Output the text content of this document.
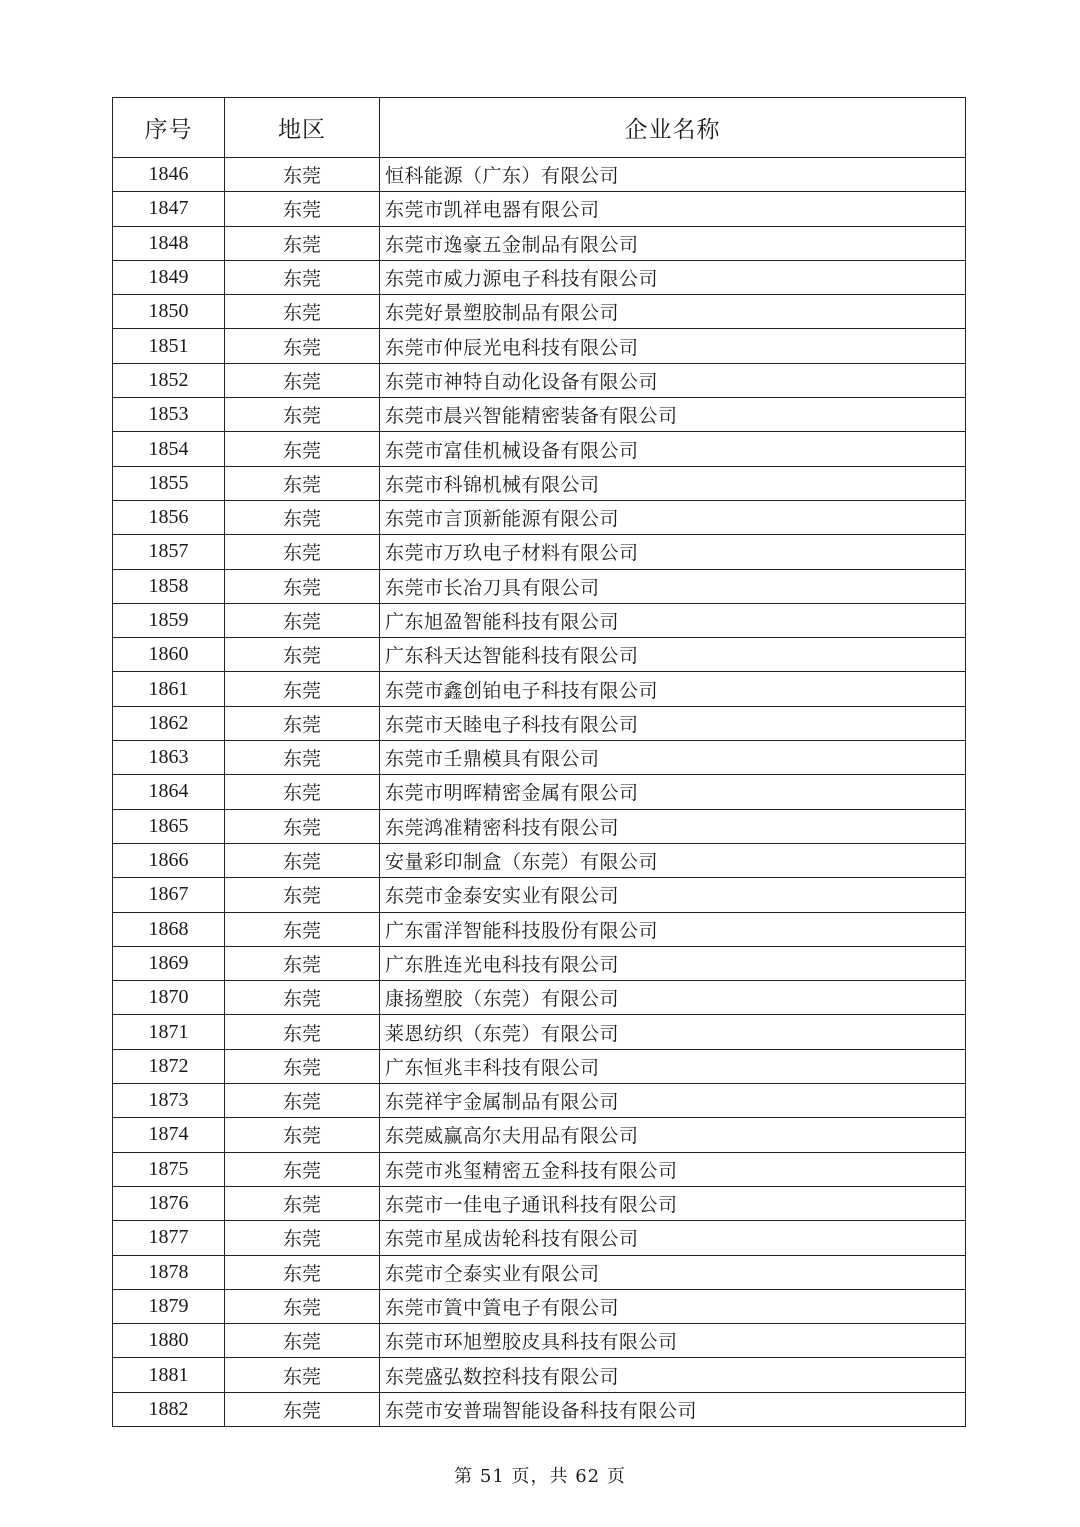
序号	地区	企业名称
1846	东莞	恒科能源（广东）有限公司
1847	东莞	东莞市凯祥电器有限公司
1848	东莞	东莞市逸豪五金制品有限公司
1849	东莞	东莞市威力源电子科技有限公司
1850	东莞	东莞好景塑胶制品有限公司
1851	东莞	东莞市仲辰光电科技有限公司
1852	东莞	东莞市神特自动化设备有限公司
1853	东莞	东莞市晨兴智能精密装备有限公司
1854	东莞	东莞市富佳机械设备有限公司
1855	东莞	东莞市科锦机械有限公司
1856	东莞	东莞市言顶新能源有限公司
1857	东莞	东莞市万玖电子材料有限公司
1858	东莞	东莞市长冶刀具有限公司
1859	东莞	广东旭盈智能科技有限公司
1860	东莞	广东科天达智能科技有限公司
1861	东莞	东莞市鑫创铂电子科技有限公司
1862	东莞	东莞市天睦电子科技有限公司
1863	东莞	东莞市壬鼎模具有限公司
1864	东莞	东莞市明晖精密金属有限公司
1865	东莞	东莞鸿准精密科技有限公司
1866	东莞	安量彩印制盒（东莞）有限公司
1867	东莞	东莞市金泰安实业有限公司
1868	东莞	广东雷洋智能科技股份有限公司
1869	东莞	广东胜连光电科技有限公司
1870	东莞	康扬塑胶（东莞）有限公司
1871	东莞	莱恩纺织（东莞）有限公司
1872	东莞	广东恒兆丰科技有限公司
1873	东莞	东莞祥宇金属制品有限公司
1874	东莞	东莞威赢高尔夫用品有限公司
1875	东莞	东莞市兆玺精密五金科技有限公司
1876	东莞	东莞市一佳电子通讯科技有限公司
1877	东莞	东莞市星成齿轮科技有限公司
1878	东莞	东莞市仝泰实业有限公司
1879	东莞	东莞市篢中篢电子有限公司
1880	东莞	东莞市环旭塑胶皮具科技有限公司
1881	东莞	东莞盛弘数控科技有限公司
1882	东莞	东莞市安普瑞智能设备科技有限公司
第 51 页，共 62 页
